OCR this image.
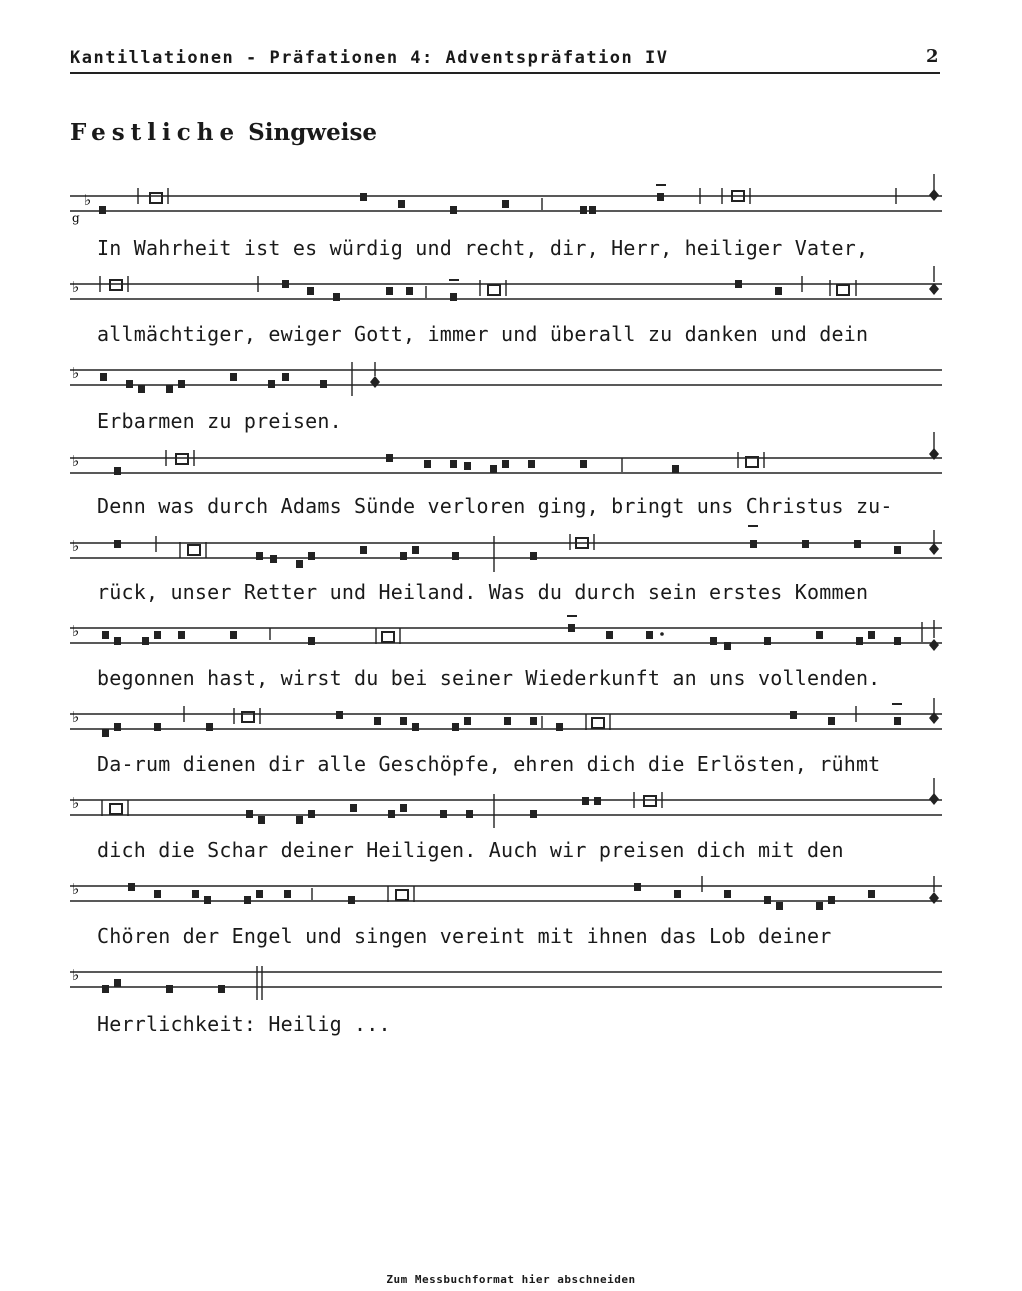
Kantillationen - Präfationen 4: Adventspräfation IV	2
Festliche Singweise
♭
g
In Wahrheit ist es würdig und recht, dir, Herr, heiliger Vater,
♭
allmächtiger, ewiger Gott, immer und überall zu danken und dein
♭
Erbarmen zu preisen.
♭
Denn was durch Adams Sünde verloren ging, bringt uns Christus zu-
♭
rück, unser Retter und Heiland. Was du durch sein erstes Kommen
♭
begonnen hast, wirst du bei seiner Wiederkunft an uns vollenden.
♭
Da-rum dienen dir alle Geschöpfe, ehren dich die Erlösten, rühmt
♭
dich die Schar deiner Heiligen. Auch wir preisen dich mit den
♭
Chören der Engel und singen vereint mit ihnen das Lob deiner
♭
Herrlichkeit: Heilig ...
Zum Messbuchformat hier abschneiden
